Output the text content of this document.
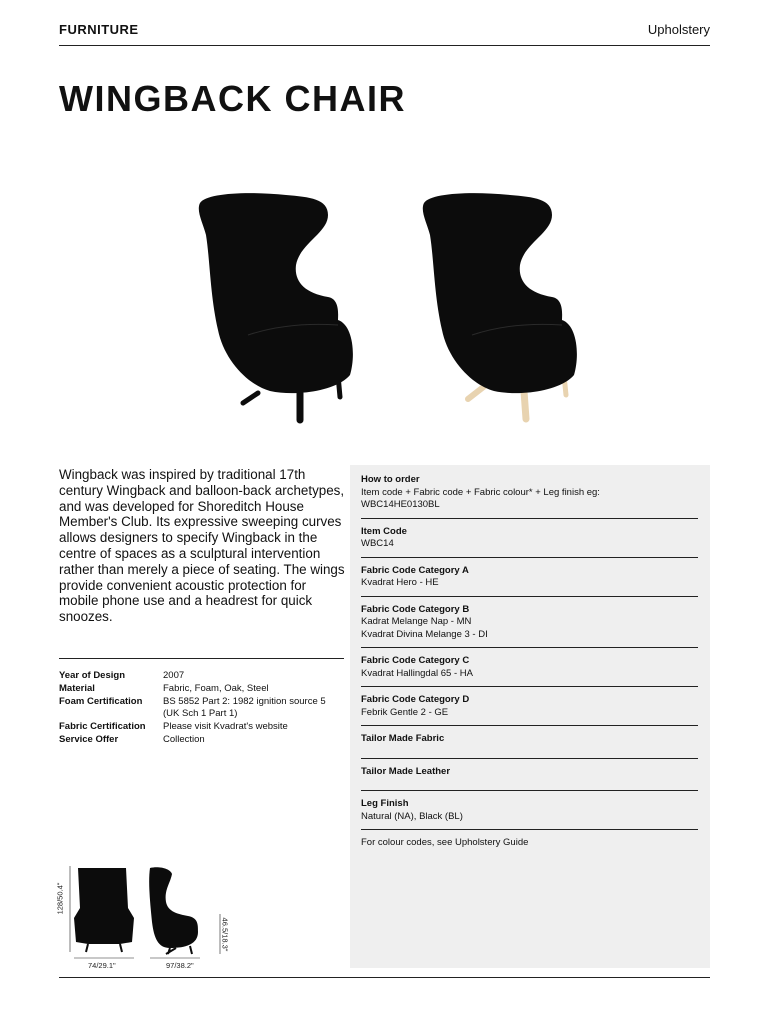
FURNITURE	Upholstery
WINGBACK CHAIR

Wingback was inspired by traditional 17th century Wingback and balloon-back archetypes, and was developed for Shoreditch House Member's Club. Its expressive sweeping curves allows designers to specify Wingback in the centre of spaces as a sculptural intervention rather than merely a piece of seating. The wings provide convenient acoustic protection for mobile phone use and a headrest for quick snoozes.

Year of Design	2007
Material	Fabric, Foam, Oak, Steel
Foam Certification	BS 5852 Part 2: 1982 ignition source 5 (UK Sch 1 Part 1)
Fabric Certification	Please visit Kvadrat's website
Service Offer	Collection
How to order
Item code + Fabric code + Fabric colour* + Leg finish eg:
WBC14HE0130BL
Item Code
WBC14
Fabric Code Category A
Kvadrat Hero - HE
Fabric Code Category B
Kadrat Melange Nap - MN
Kvadrat Divina Melange 3 - DI
Fabric Code Category C
Kvadrat Hallingdal 65 - HA
Fabric Code Category D
Febrik Gentle 2 - GE
Tailor Made Fabric
Tailor Made Leather
Leg Finish
Natural (NA), Black (BL)
For colour codes, see Upholstery Guide
128/50.4"
74/29.1"	97/38.2"
46.5/18.3"
